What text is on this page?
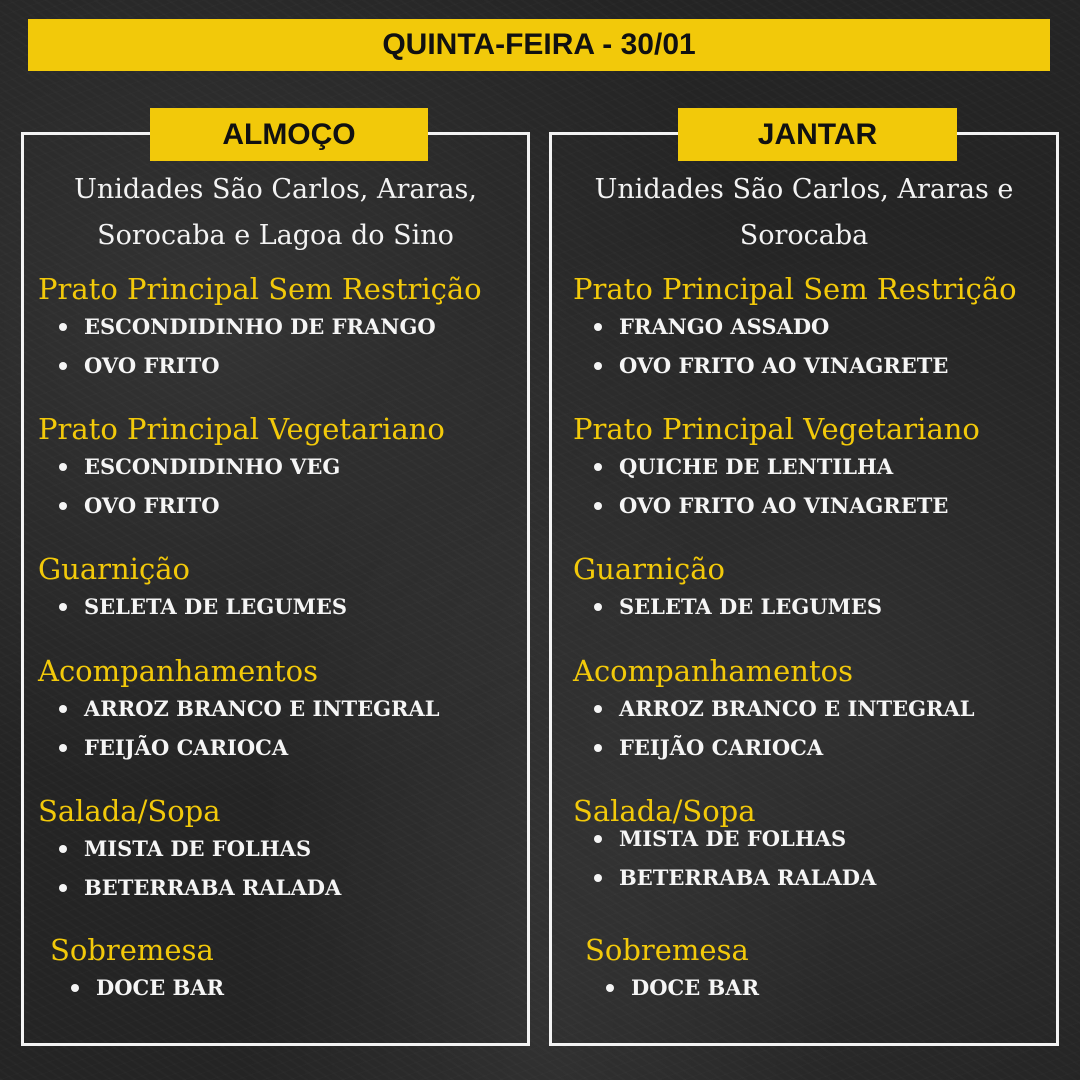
QUINTA-FEIRA - 30/01
ALMOÇO
Unidades São Carlos, Araras,
Sorocaba e Lagoa do Sino
Prato Principal Sem Restrição
ESCONDIDINHO DE FRANGO
OVO FRITO
Prato Principal Vegetariano
ESCONDIDINHO VEG
OVO FRITO
Guarnição
SELETA DE LEGUMES
Acompanhamentos
ARROZ BRANCO E INTEGRAL
FEIJÃO CARIOCA
Salada/Sopa
MISTA DE FOLHAS
BETERRABA RALADA
Sobremesa
DOCE BAR
JANTAR
Unidades São Carlos, Araras e
Sorocaba
Prato Principal Sem Restrição
FRANGO ASSADO
OVO FRITO AO VINAGRETE
Prato Principal Vegetariano
QUICHE DE LENTILHA
OVO FRITO AO VINAGRETE
Guarnição
SELETA DE LEGUMES
Acompanhamentos
ARROZ BRANCO E INTEGRAL
FEIJÃO CARIOCA
Salada/Sopa
MISTA DE FOLHAS
BETERRABA RALADA
Sobremesa
DOCE BAR
